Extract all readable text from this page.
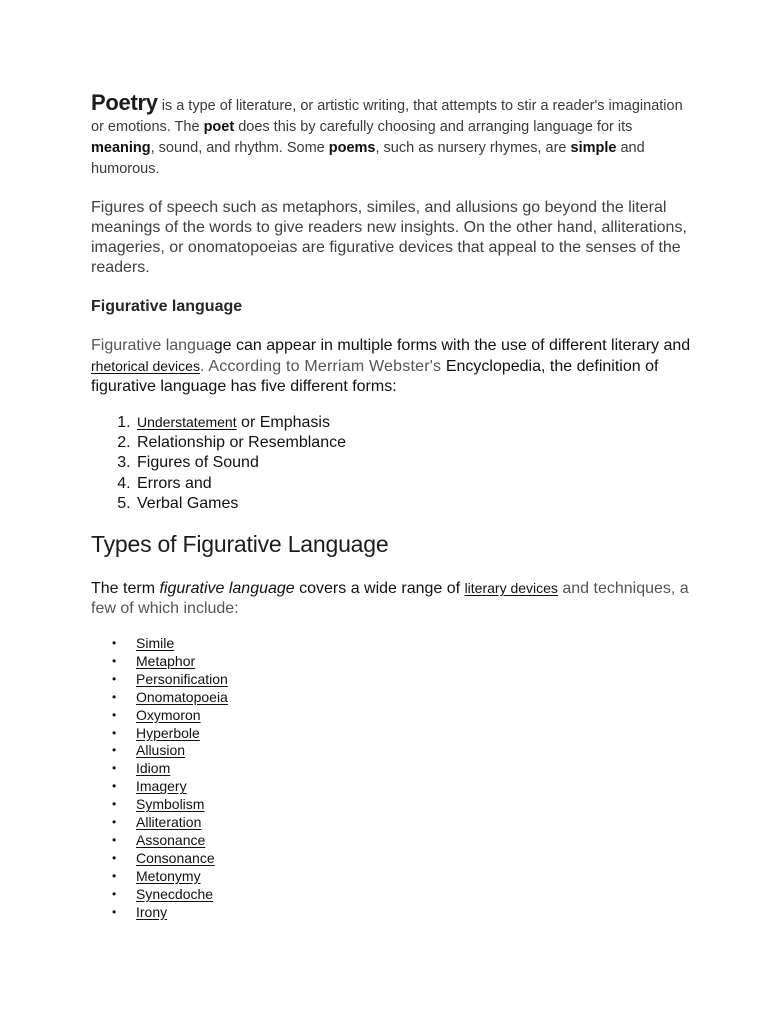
Poetry is a type of literature, or artistic writing, that attempts to stir a reader's imagination or emotions. The poet does this by carefully choosing and arranging language for its meaning, sound, and rhythm. Some poems, such as nursery rhymes, are simple and humorous.

Figures of speech such as metaphors, similes, and allusions go beyond the literal meanings of the words to give readers new insights. On the other hand, alliterations, imageries, or onomatopoeias are figurative devices that appeal to the senses of the readers.

Figurative language

Figurative language can appear in multiple forms with the use of different literary and rhetorical devices. According to Merriam Webster's Encyclopedia, the definition of figurative language has five different forms:

1. Understatement or Emphasis
2. Relationship or Resemblance
3. Figures of Sound
4. Errors and
5. Verbal Games
Types of Figurative Language

The term figurative language covers a wide range of literary devices and techniques, a few of which include:

• Simile
• Metaphor
• Personification
• Onomatopoeia
• Oxymoron
• Hyperbole
• Allusion
• Idiom
• Imagery
• Symbolism
• Alliteration
• Assonance
• Consonance
• Metonymy
• Synecdoche
• Irony
